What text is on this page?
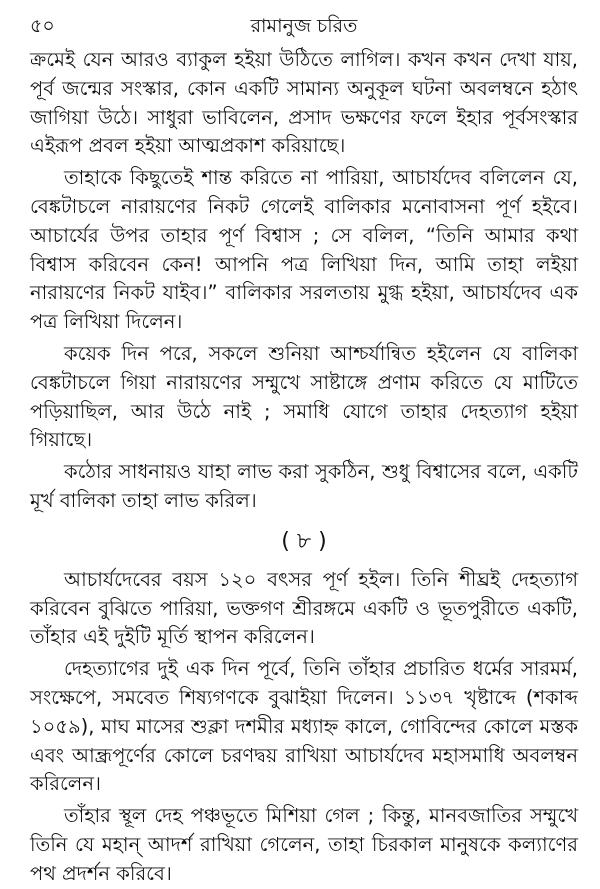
৫০	রামানুজ চরিত

ক্রমেই যেন আরও ব্যাকুল হইয়া উঠিতে লাগিল। কখন কখন দেখা যায়, পূর্ব জন্মের সংস্কার, কোন একটি সামান্য অনুকূল ঘটনা অবলম্বনে হঠাৎ জাগিয়া উঠে। সাধুরা ভাবিলেন, প্রসাদ ভক্ষণের ফলে ইহার পূর্বসংস্কার এইরূপ প্রবল হইয়া আত্মপ্রকাশ করিয়াছে।

তাহাকে কিছুতেই শান্ত করিতে না পারিয়া, আচার্যদেব বলিলেন যে, বেঙ্কটাচলে নারায়ণের নিকট গেলেই বালিকার মনোবাসনা পূর্ণ হইবে। আচার্যের উপর তাহার পূর্ণ বিশ্বাস ; সে বলিল, “তিনি আমার কথা বিশ্বাস করিবেন কেন! আপনি পত্র লিখিয়া দিন, আমি তাহা লইয়া নারায়ণের নিকট যাইব।” বালিকার সরলতায় মুগ্ধ হইয়া, আচার্যদেব এক পত্র লিখিয়া দিলেন।

কয়েক দিন পরে, সকলে শুনিয়া আশ্চর্যান্বিত হইলেন যে বালিকা বেঙ্কটাচলে গিয়া নারায়ণের সম্মুখে সাষ্টাঙ্গে প্রণাম করিতে যে মাটিতে পড়িয়াছিল, আর উঠে নাই ; সমাধি যোগে তাহার দেহত্যাগ হইয়া গিয়াছে।

কঠোর সাধনায়ও যাহা লাভ করা সুকঠিন, শুধু বিশ্বাসের বলে, একটি মূর্খ বালিকা তাহা লাভ করিল।

( ৮ )

আচার্যদেবের বয়স ১২০ বৎসর পূর্ণ হইল। তিনি শীঘ্রই দেহত্যাগ করিবেন বুঝিতে পারিয়া, ভক্তগণ শ্রীরঙ্গমে একটি ও ভূতপুরীতে একটি, তাঁহার এই দুইটি মূর্তি স্থাপন করিলেন।

দেহত্যাগের দুই এক দিন পূর্বে, তিনি তাঁহার প্রচারিত ধর্মের সারমর্ম, সংক্ষেপে, সমবেত শিষ্যগণকে বুঝাইয়া দিলেন। ১১৩৭ খৃষ্টাব্দে (শকাব্দ ১০৫৯), মাঘ মাসের শুক্লা দশমীর মধ্যাহ্ন কালে, গোবিন্দের কোলে মস্তক এবং আন্ধ্রপূর্ণের কোলে চরণদ্বয় রাখিয়া আচার্যদেব মহাসমাধি অবলম্বন করিলেন।

তাঁহার স্থূল দেহ পঞ্চভূতে মিশিয়া গেল ; কিন্তু, মানবজাতির সম্মুখে তিনি যে মহান্ আদর্শ রাখিয়া গেলেন, তাহা চিরকাল মানুষকে কল্যাণের পথ প্রদর্শন করিবে।
